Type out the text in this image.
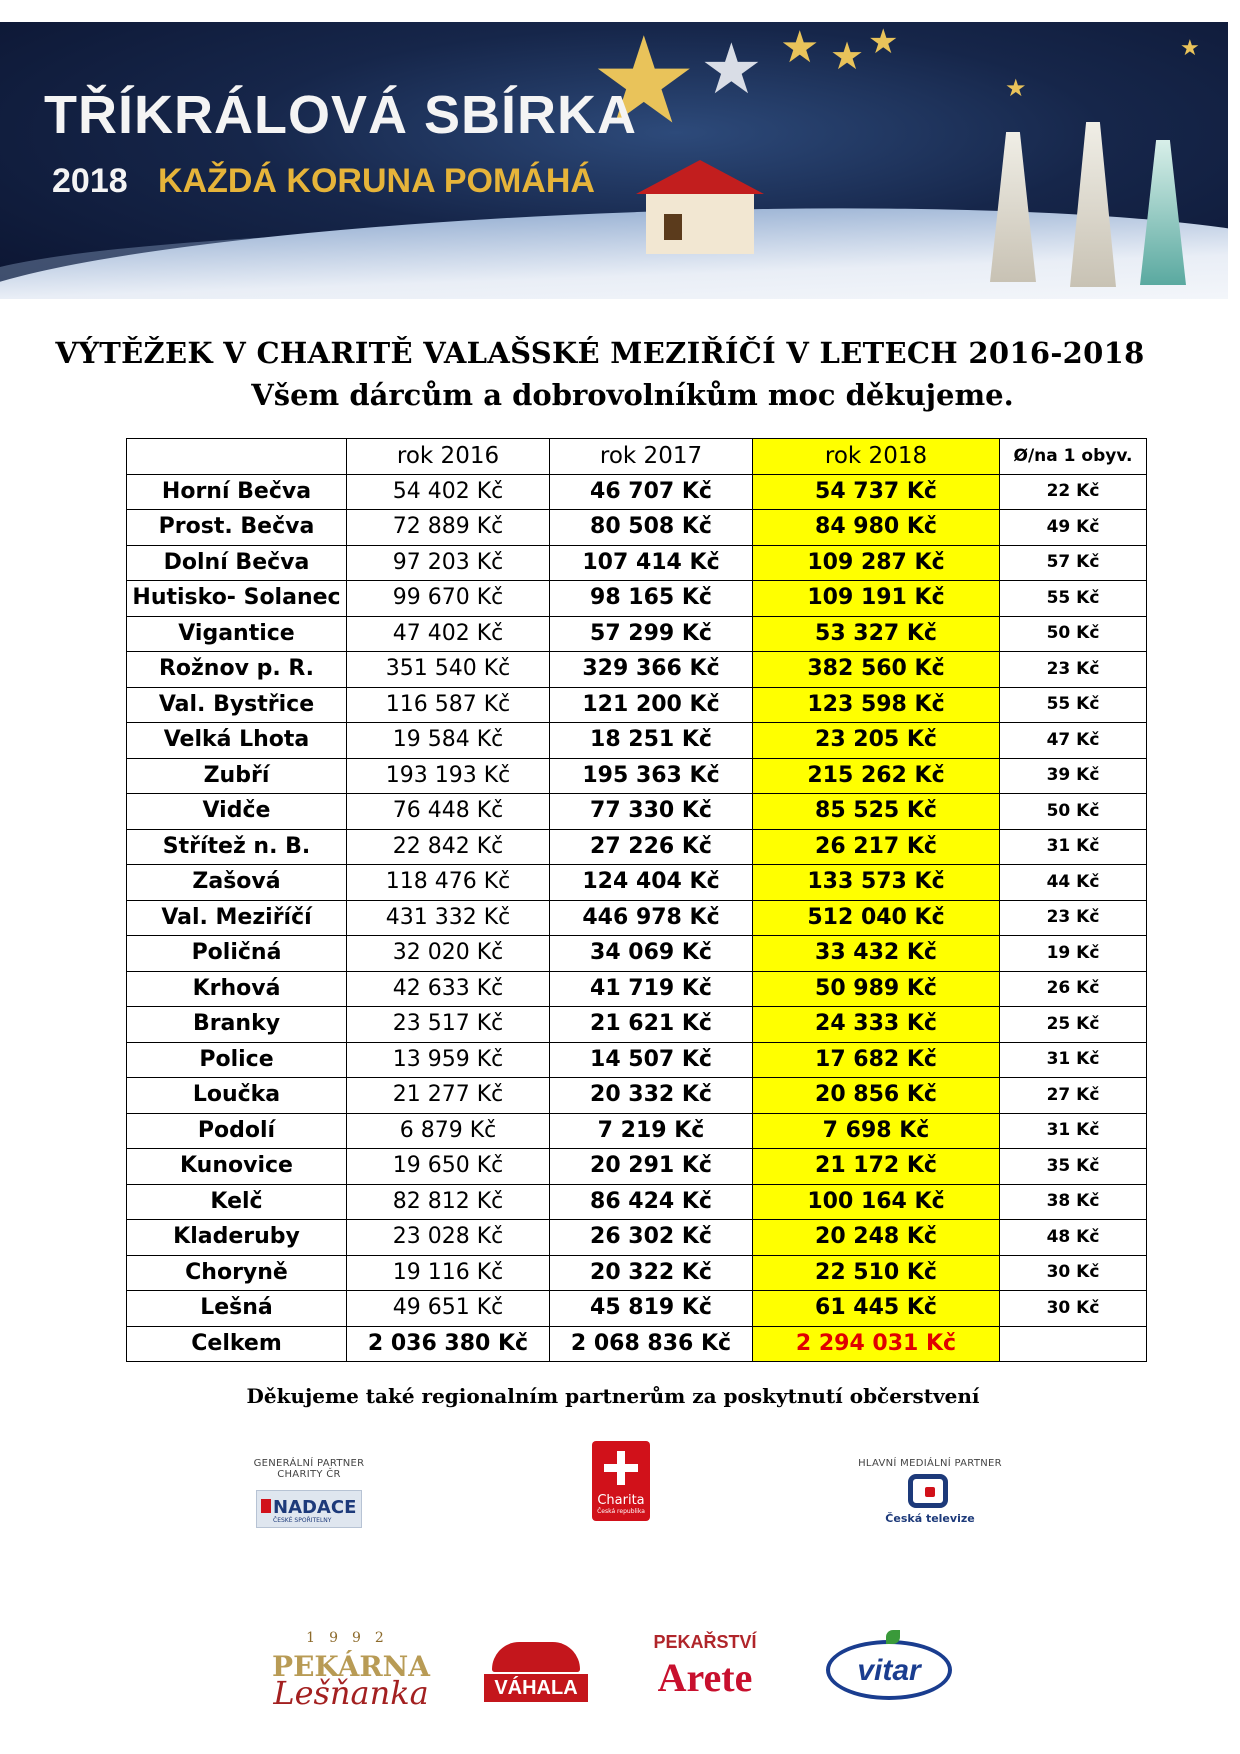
★ ★ ★ ★ ★
★
★
TŘÍKRÁLOVÁ SBÍRKA
2018 KAŽDÁ KORUNA POMÁHÁ
VÝTĚŽEK V CHARITĚ VALAŠSKÉ MEZIŘÍČÍ V LETECH 2016-2018
Všem dárcům a dobrovolníkům moc děkujeme.
	rok 2016	rok 2017	rok 2018	Ø/na 1 obyv.
Horní Bečva	54 402 Kč	46 707 Kč	54 737 Kč	22 Kč
Prost. Bečva	72 889 Kč	80 508 Kč	84 980 Kč	49 Kč
Dolní Bečva	97 203 Kč	107 414 Kč	109 287 Kč	57 Kč
Hutisko- Solanec	99 670 Kč	98 165 Kč	109 191 Kč	55 Kč
Vigantice	47 402 Kč	57 299 Kč	53 327 Kč	50 Kč
Rožnov p. R.	351 540 Kč	329 366 Kč	382 560 Kč	23 Kč
Val. Bystřice	116 587 Kč	121 200 Kč	123 598 Kč	55 Kč
Velká Lhota	19 584 Kč	18 251 Kč	23 205 Kč	47 Kč
Zubří	193 193 Kč	195 363 Kč	215 262 Kč	39 Kč
Vidče	76 448 Kč	77 330 Kč	85 525 Kč	50 Kč
Střítež n. B.	22 842 Kč	27 226 Kč	26 217 Kč	31 Kč
Zašová	118 476 Kč	124 404 Kč	133 573 Kč	44 Kč
Val. Meziříčí	431 332 Kč	446 978 Kč	512 040 Kč	23 Kč
Poličná	32 020 Kč	34 069 Kč	33 432 Kč	19 Kč
Krhová	42 633 Kč	41 719 Kč	50 989 Kč	26 Kč
Branky	23 517 Kč	21 621 Kč	24 333 Kč	25 Kč
Police	13 959 Kč	14 507 Kč	17 682 Kč	31 Kč
Loučka	21 277 Kč	20 332 Kč	20 856 Kč	27 Kč
Podolí	6 879 Kč	7 219 Kč	7 698 Kč	31 Kč
Kunovice	19 650 Kč	20 291 Kč	21 172 Kč	35 Kč
Kelč	82 812 Kč	86 424 Kč	100 164 Kč	38 Kč
Kladeruby	23 028 Kč	26 302 Kč	20 248 Kč	48 Kč
Choryně	19 116 Kč	20 322 Kč	22 510 Kč	30 Kč
Lešná	49 651 Kč	45 819 Kč	61 445 Kč	30 Kč
Celkem	2 036 380 Kč	2 068 836 Kč	2 294 031 Kč	
Děkujeme také regionalním partnerům za poskytnutí občerstvení
GENERÁLNÍ PARTNER
CHARITY ČR
NADACE
ČESKÉ SPOŘITELNY
Charita
Česká republika
HLAVNÍ MEDIÁLNÍ PARTNER
Česká televize
1992
PEKÁRNA
Lešňanka	VÁHALA
PEKAŘSTVÍ
Arete	vitar
